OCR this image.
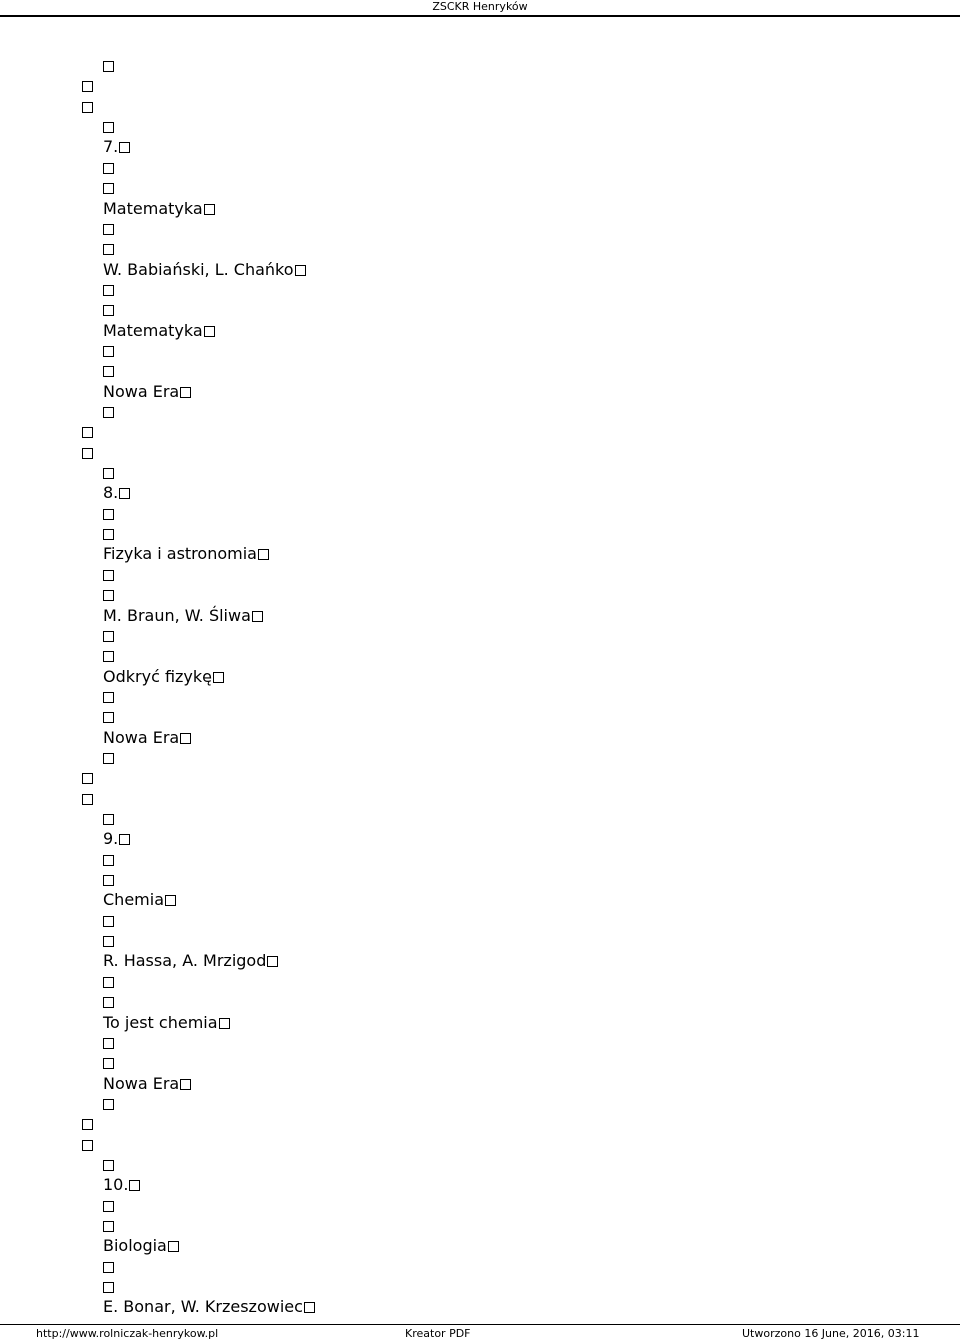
ZSCKR Henryków
7.
Matematyka
W. Babiański, L. Chańko
Matematyka
Nowa Era
8.
Fizyka i astronomia
M. Braun, W. Śliwa
Odkryć fizykę
Nowa Era
9.
Chemia
R. Hassa, A. Mrzigod
To jest chemia
Nowa Era
10.
Biologia
E. Bonar, W. Krzeszowiec
http://www.rolniczak-henrykow.pl	Kreator PDF	Utworzono 16 June, 2016, 03:11
